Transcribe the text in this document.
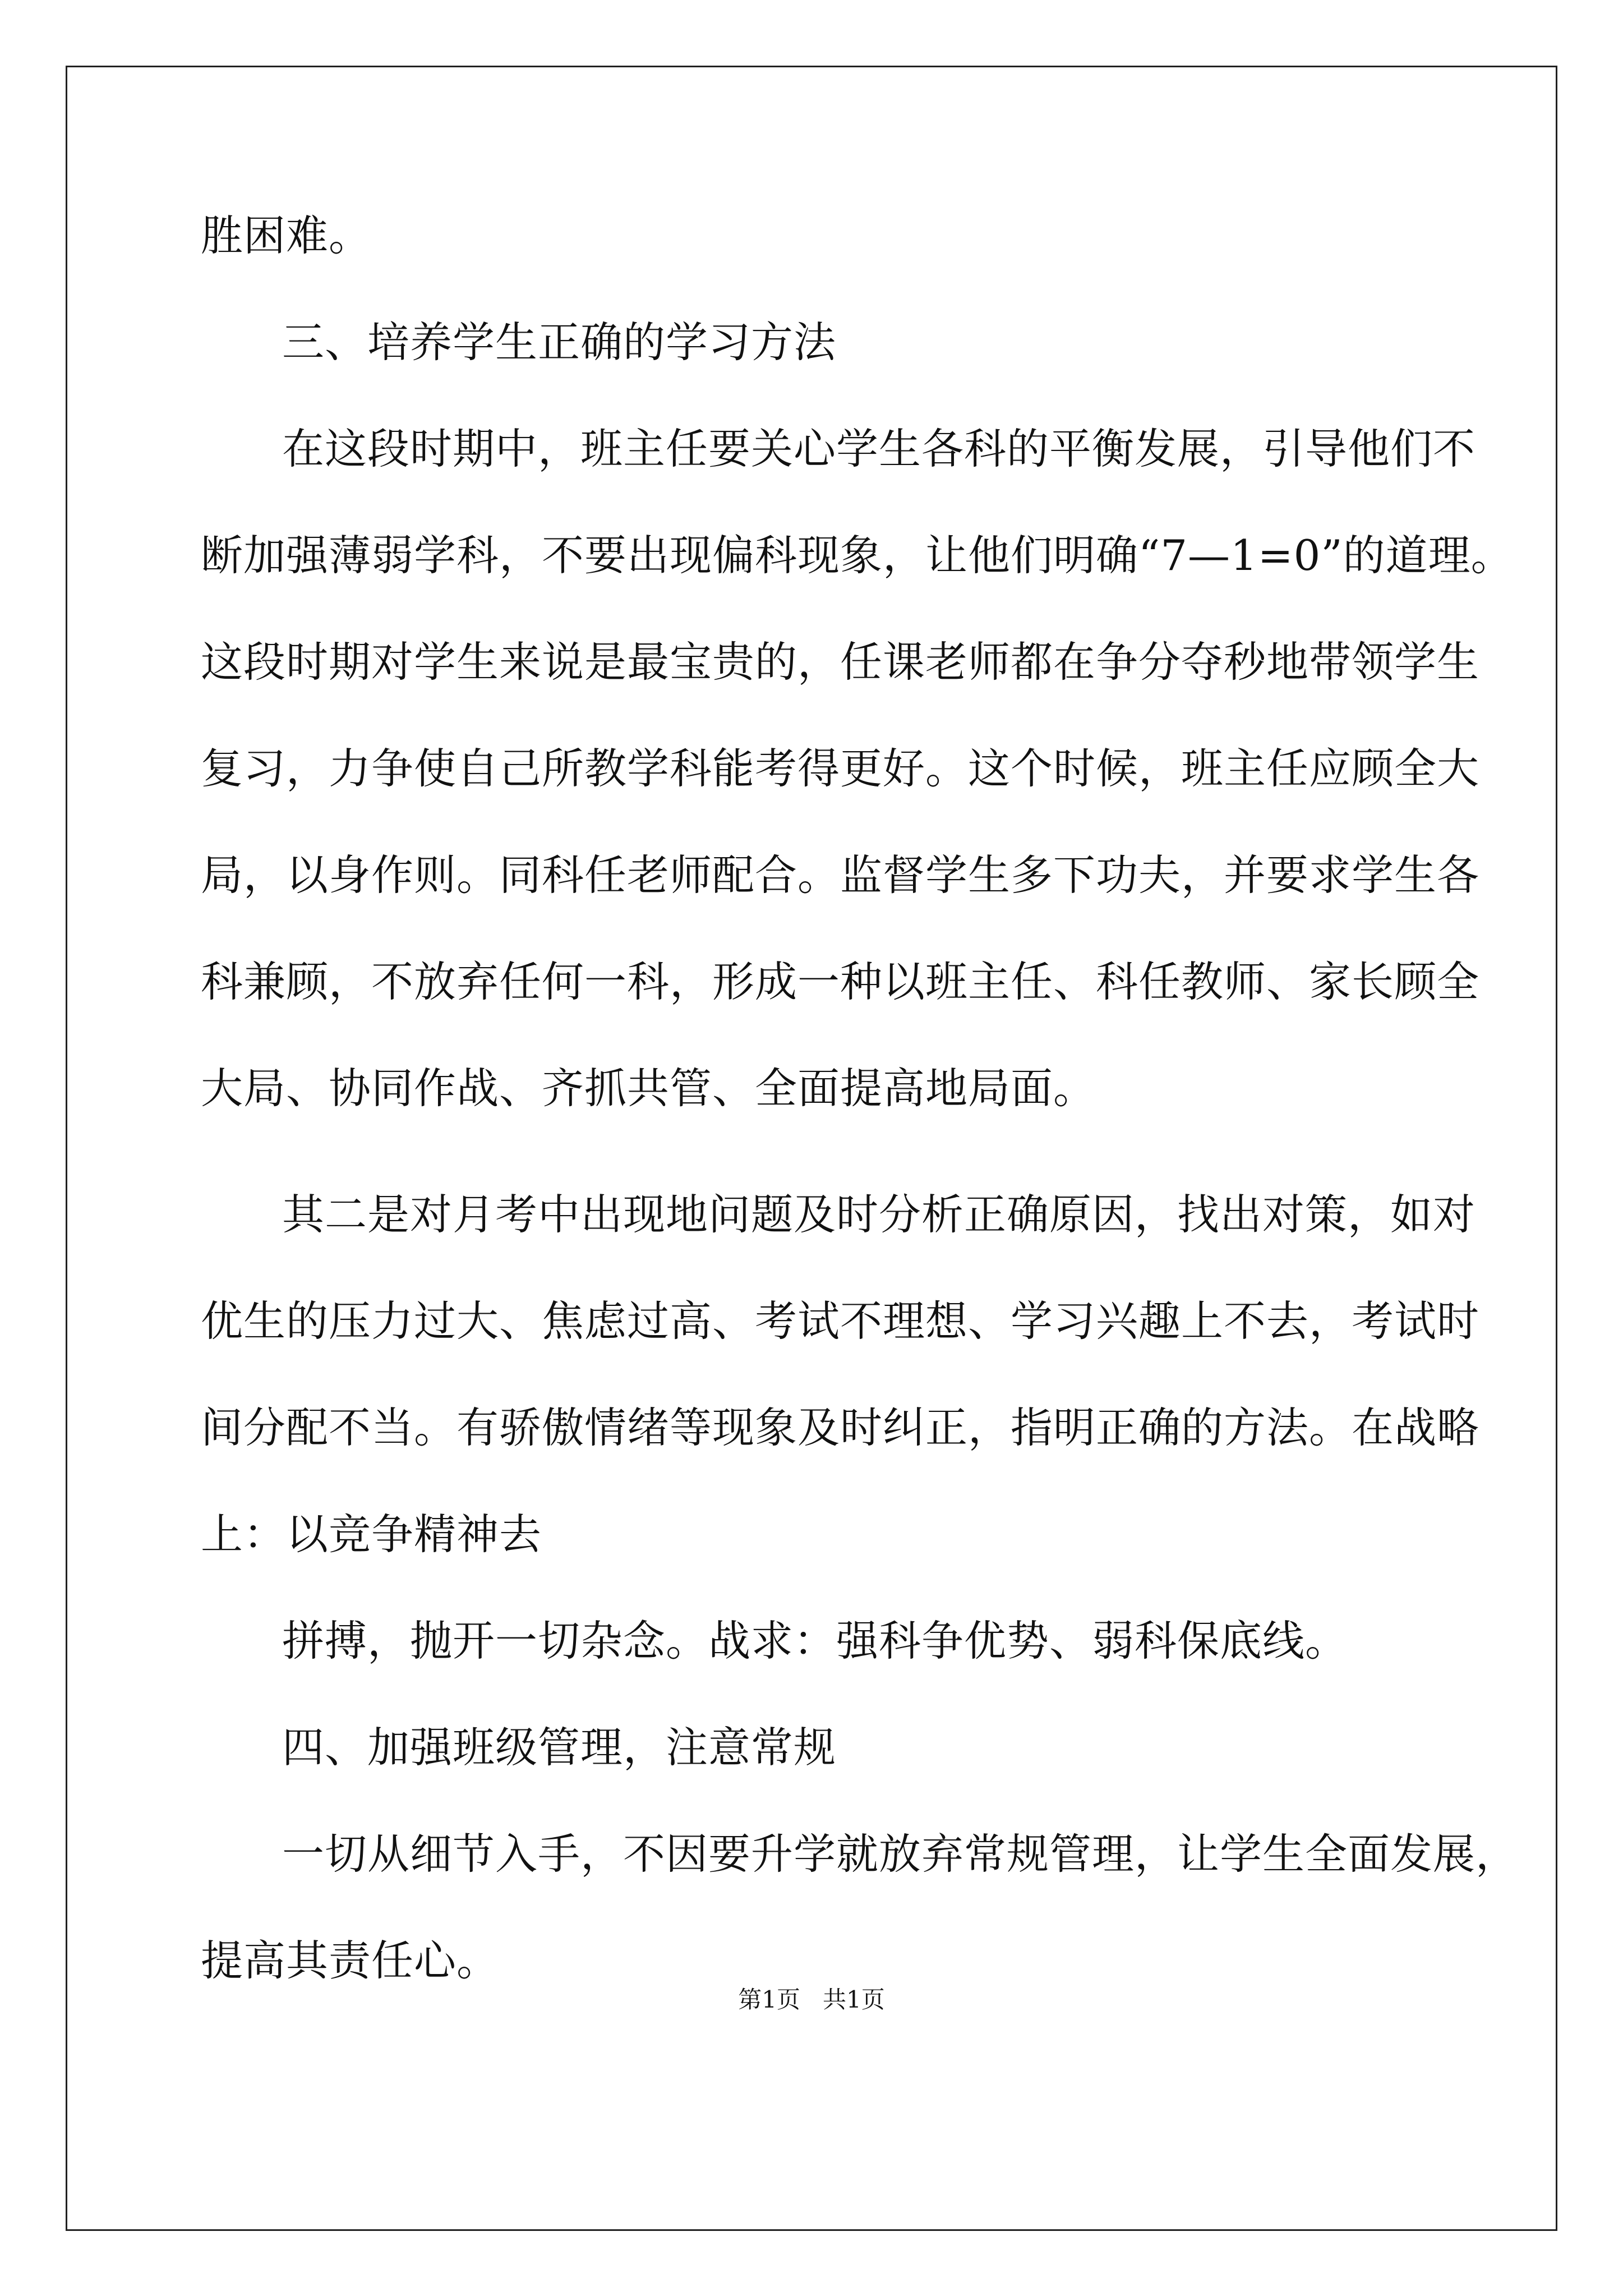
胜困难。
三、培养学生正确的学习方法
在这段时期中，班主任要关心学生各科的平衡发展，引导他们不
断加强薄弱学科，不要出现偏科现象，让他们明确“7—1=0”的道理。
这段时期对学生来说是最宝贵的，任课老师都在争分夺秒地带领学生
复习，力争使自己所教学科能考得更好。这个时候，班主任应顾全大
局，以身作则。同科任老师配合。监督学生多下功夫，并要求学生各
科兼顾，不放弃任何一科，形成一种以班主任、科任教师、家长顾全
大局、协同作战、齐抓共管、全面提高地局面。
其二是对月考中出现地问题及时分析正确原因，找出对策，如对
优生的压力过大、焦虑过高、考试不理想、学习兴趣上不去，考试时
间分配不当。有骄傲情绪等现象及时纠正，指明正确的方法。在战略
上：以竞争精神去
拼搏，抛开一切杂念。战求：强科争优势、弱科保底线。
四、加强班级管理，注意常规
一切从细节入手，不因要升学就放弃常规管理，让学生全面发展，
提高其责任心。
第1页   共1页
